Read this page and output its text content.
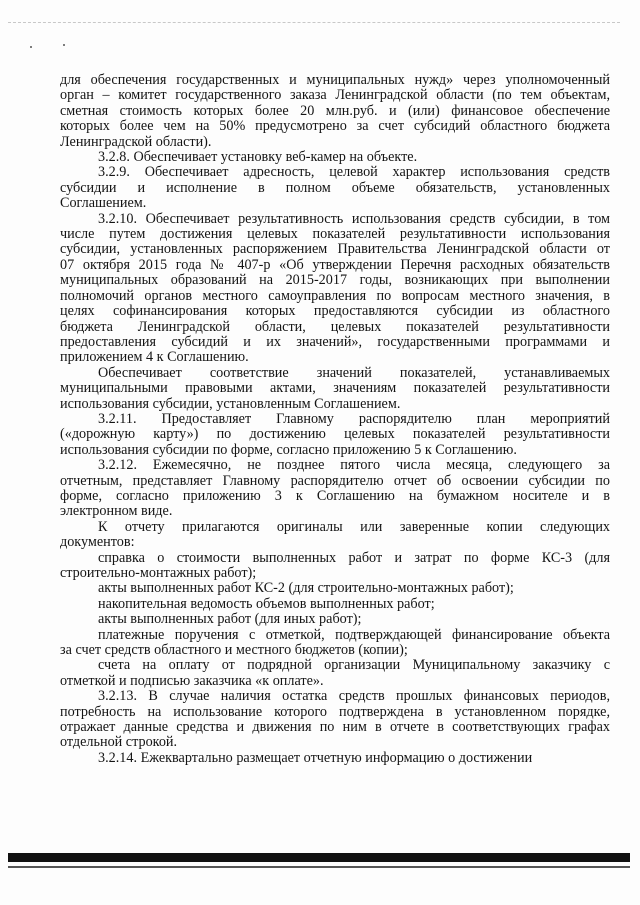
для обеспечения государственных и муниципальных нужд» через уполномоченный
орган – комитет государственного заказа Ленинградской области (по тем объектам,
сметная стоимость которых более 20 млн.руб. и (или) финансовое обеспечение
которых более чем на 50% предусмотрено за счет субсидий областного бюджета
Ленинградской области).
3.2.8. Обеспечивает установку веб-камер на объекте.
3.2.9. Обеспечивает адресность, целевой характер использования средств
субсидии и исполнение в полном объеме обязательств, установленных
Соглашением.
3.2.10. Обеспечивает результативность использования средств субсидии, в том
числе путем достижения целевых показателей результативности использования
субсидии, установленных распоряжением Правительства Ленинградской области от
07 октября 2015 года № 407-р «Об утверждении Перечня расходных обязательств
муниципальных образований на 2015-2017 годы, возникающих при выполнении
полномочий органов местного самоуправления по вопросам местного значения, в
целях софинансирования которых предоставляются субсидии из областного
бюджета Ленинградской области, целевых показателей результативности
предоставления субсидий и их значений», государственными программами и
приложением 4 к Соглашению.
Обеспечивает соответствие значений показателей, устанавливаемых
муниципальными правовыми актами, значениям показателей результативности
использования субсидии, установленным Соглашением.
3.2.11. Предоставляет Главному распорядителю план мероприятий
(«дорожную карту») по достижению целевых показателей результативности
использования субсидии по форме, согласно приложению 5 к Соглашению.
3.2.12. Ежемесячно, не позднее пятого числа месяца, следующего за
отчетным, представляет Главному распорядителю отчет об освоении субсидии по
форме, согласно приложению 3 к Соглашению на бумажном носителе и в
электронном виде.
К отчету прилагаются оригиналы или заверенные копии следующих
документов:
справка о стоимости выполненных работ и затрат по форме КС-3 (для
строительно-монтажных работ);
акты выполненных работ КС-2 (для строительно-монтажных работ);
накопительная ведомость объемов выполненных работ;
акты выполненных работ (для иных работ);
платежные поручения с отметкой, подтверждающей финансирование объекта
за счет средств областного и местного бюджетов (копии);
счета на оплату от подрядной организации Муниципальному заказчику с
отметкой и подписью заказчика «к оплате».
3.2.13. В случае наличия остатка средств прошлых финансовых периодов,
потребность на использование которого подтверждена в установленном порядке,
отражает данные средства и движения по ним в отчете в соответствующих графах
отдельной строкой.
3.2.14. Ежеквартально размещает отчетную информацию о достижении
